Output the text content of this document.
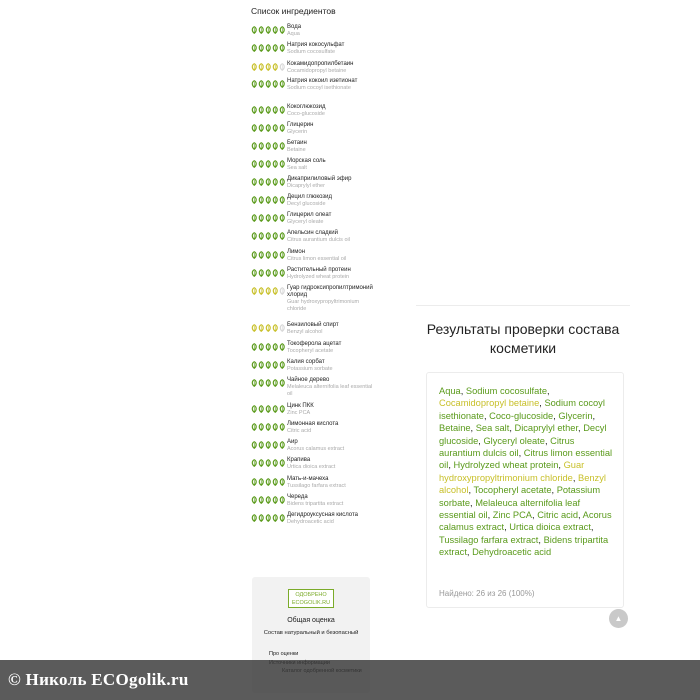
Список ингредиентов
Вода
Aqua
Натрия кокосульфат
Sodium cocosulfate
Кокамидопропилбетаин
Cocamidopropyl betaine
Натрия кокоил изетионат
Sodium cocoyl isethionate
Кокоглюкозид
Coco-glucoside
Глицерин
Glycerin
Бетаин
Betaine
Морская соль
Sea salt
Дикаприлиловый эфир
Dicaprylyl ether
Децил глюкозид
Decyl glucoside
Глицерил олеат
Glyceryl oleate
Апельсин сладкий
Citrus aurantium dulcis oil
Лимон
Citrus limon essential oil
Растительный протеин
Hydrolyzed wheat protein
Гуар гидроксипропилтримоний хлорид
Guar hydroxypropyltrimonium chloride
Бензиловый спирт
Benzyl alcohol
Токоферола ацетат
Tocopheryl acetate
Калия сорбат
Potassium sorbate
Чайное дерево
Melaleuca alternifolia leaf essential oil
Цинк ПКК
Zinc PCA
Лимонная кислота
Citric acid
Аир
Acorus calamus extract
Крапива
Urtica dioica extract
Мать-и-мачеха
Tussilago farfara extract
Череда
Bidens tripartita extract
Дегидроуксусная кислота
Dehydroacetic acid
ОДОБРЕНО
ECOGOLIK.RU
Общая оценка
Состав натуральный и безопасный
Про оценки
Результаты проверки состава косметики
Aqua, Sodium cocosulfate, Cocamidopropyl betaine, Sodium cocoyl isethionate, Coco-glucoside, Glycerin, Betaine, Sea salt, Dicaprylyl ether, Decyl glucoside, Glyceryl oleate, Citrus aurantium dulcis oil, Citrus limon essential oil, Hydrolyzed wheat protein, Guar hydroxypropyltrimonium chloride, Benzyl alcohol, Tocopheryl acetate, Potassium sorbate, Melaleuca alternifolia leaf essential oil, Zinc PCA, Citric acid, Acorus calamus extract, Urtica dioica extract, Tussilago farfara extract, Bidens tripartita extract, Dehydroacetic acid
Найдено: 26 из 26 (100%)
▲
© Николь ECOgolik.ru
